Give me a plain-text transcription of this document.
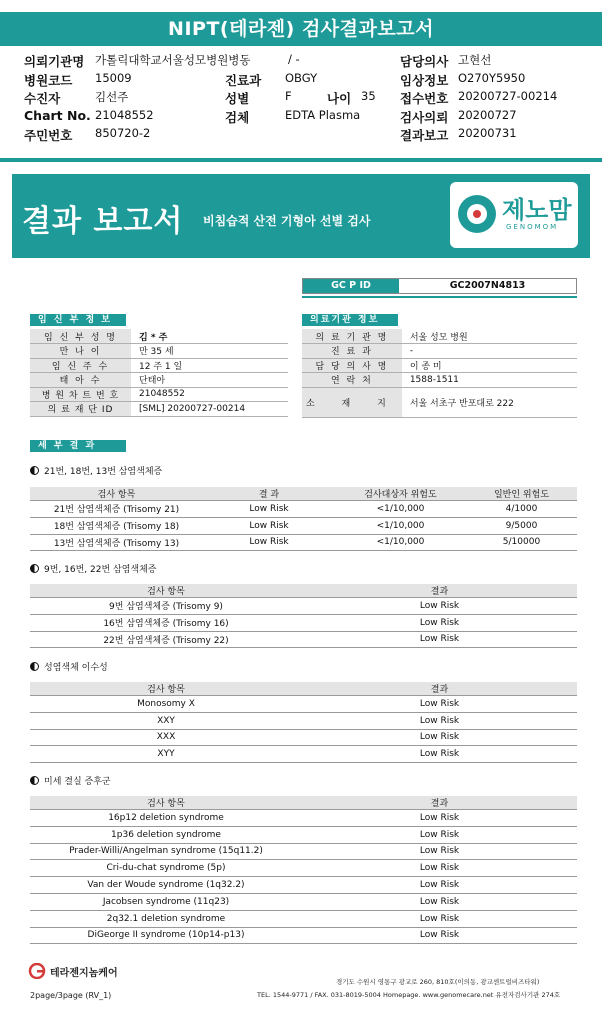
NIPT(테라젠) 검사결과보고서
의뢰기관명 가톨릭대학교서울성모병원병동	/ -	담당의사 고현선
병원코드 15009	진료과 OBGY	임상정보 O270Y5950
수진자	김선주	성별	F	나이 35 접수번호 20200727-00214
Chart No. 21048552	검체	EDTA Plasma	검사의뢰 20200727
주민번호 850720-2	결과보고 20200731
결과 보고서 비침습적 산전 기형아 선별 검사	제노맘
GENOMOM
GC P ID	GC2007N4813
임 신 부 정 보	의료기관 정보
임 신 부 성 명	김 * 주
만 나 이	만 35 세
임 신 주 수	12 주 1 일
태 아 수	단태아
병 원 차 트 번 호	21048552
의 료 재 단 ID	[SML] 20200727-00214
의 료 기 관 명	서울 성모 병원
진 료 과	-
담 당 의 사 명	이 종 미
연 락 처	1588-1511
소 재 지	서울 서초구 반포대로 222
세 부 결 과
21번, 18번, 13번 삼염색체증
검사 항목	결 과	검사대상자 위험도	일반인 위험도
21번 삼염색체증 (Trisomy 21)	Low Risk	<1/10,000	4/1000
18번 삼염색체증 (Trisomy 18)	Low Risk	<1/10,000	9/5000
13번 삼염색체증 (Trisomy 13)	Low Risk	<1/10,000	5/10000
9번, 16번, 22번 삼염색체증
검사 항목	결과
9번 삼염색체증 (Trisomy 9)	Low Risk
16번 삼염색체증 (Trisomy 16)	Low Risk
22번 삼염색체증 (Trisomy 22)	Low Risk
성염색체 이수성
검사 항목	결과
Monosomy X	Low Risk
XXY	Low Risk
XXX	Low Risk
XYY	Low Risk
미세 결실 증후군
검사 항목	결과
16p12 deletion syndrome	Low Risk
1p36 deletion syndrome	Low Risk
Prader-Willi/Angelman syndrome (15q11.2)	Low Risk
Cri-du-chat syndrome (5p)	Low Risk
Van der Woude syndrome (1q32.2)	Low Risk
Jacobsen syndrome (11q23)	Low Risk
2q32.1 deletion syndrome	Low Risk
DiGeorge II syndrome (10p14-p13)	Low Risk
테라젠지놈케어
2page/3page (RV_1)
경기도 수원시 영통구 광교로 260, 810호(이의동, 광교센트럴비즈타워)
TEL. 1544-9771 / FAX. 031-8019-5004 Homepage. www.genomecare.net 유전자검사기관 274호
